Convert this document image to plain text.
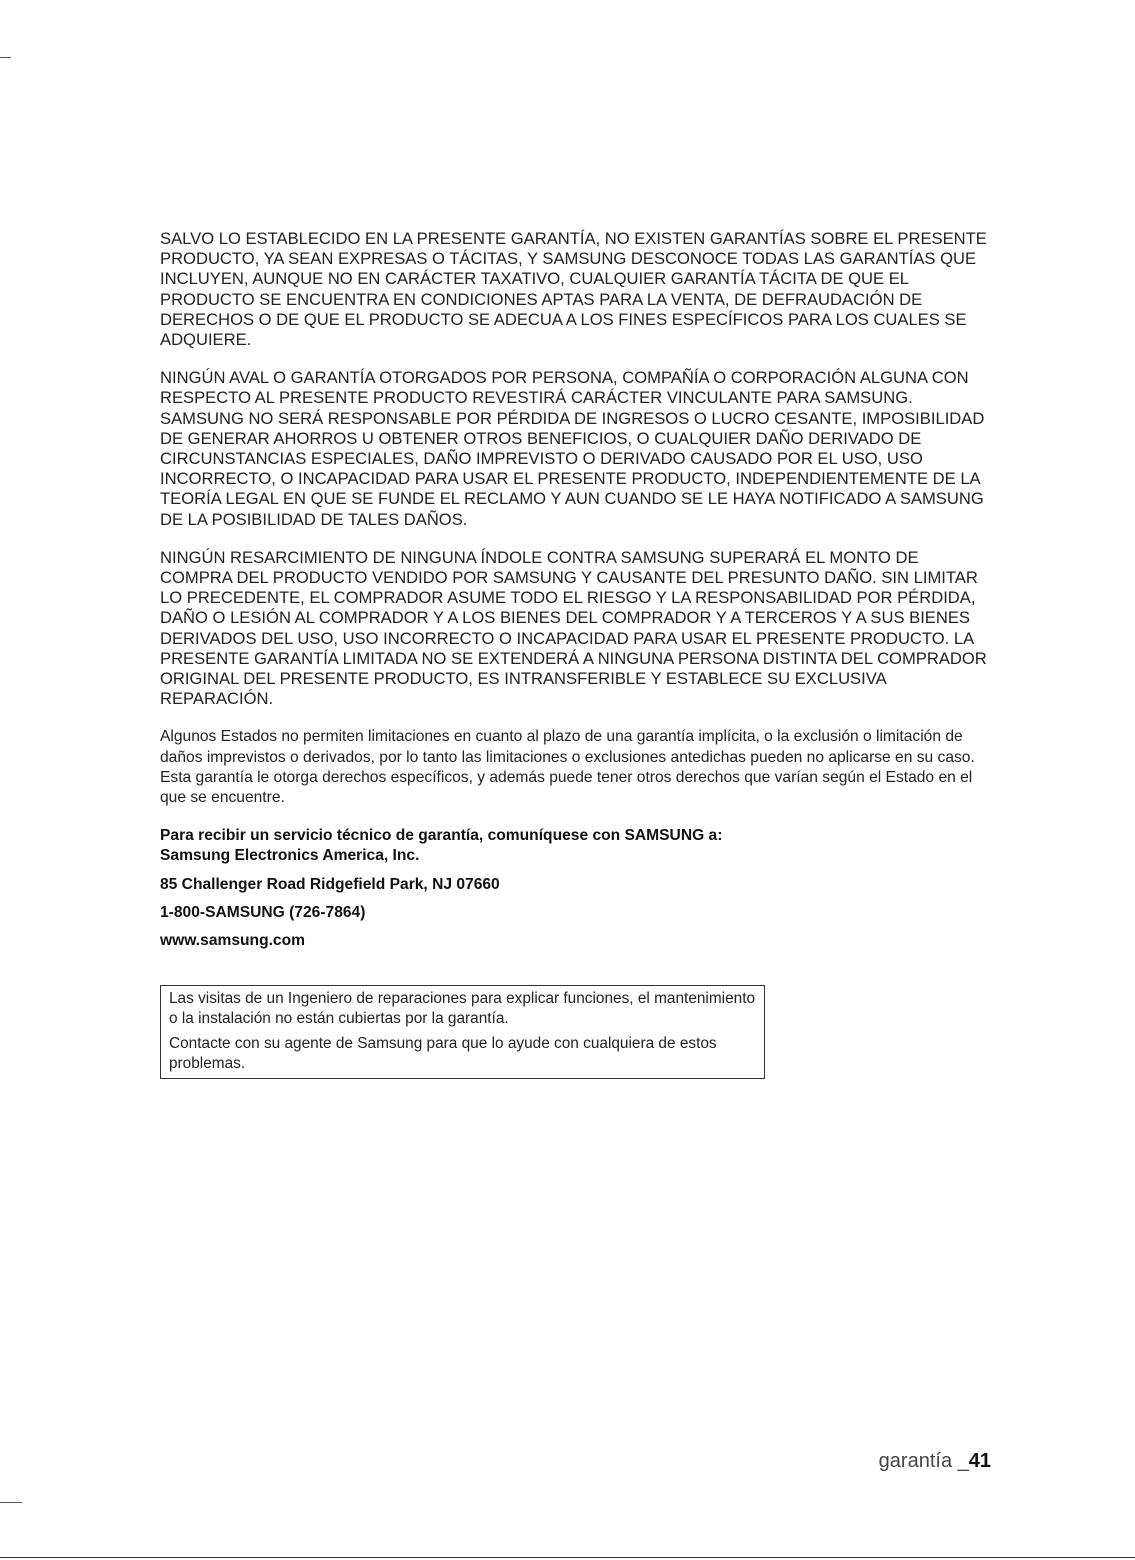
SALVO LO ESTABLECIDO EN LA PRESENTE GARANTÍA, NO EXISTEN GARANTÍAS SOBRE EL PRESENTE PRODUCTO, YA SEAN EXPRESAS O TÁCITAS, Y SAMSUNG DESCONOCE TODAS LAS GARANTÍAS QUE INCLUYEN, AUNQUE NO EN CARÁCTER TAXATIVO, CUALQUIER GARANTÍA TÁCITA DE QUE EL PRODUCTO SE ENCUENTRA EN CONDICIONES APTAS PARA LA VENTA, DE DEFRAUDACIÓN DE DERECHOS O DE QUE EL PRODUCTO SE ADECUA A LOS FINES ESPECÍFICOS PARA LOS CUALES SE ADQUIERE.

NINGÚN AVAL O GARANTÍA OTORGADOS POR PERSONA, COMPAÑÍA O CORPORACIÓN ALGUNA CON RESPECTO AL PRESENTE PRODUCTO REVESTIRÁ CARÁCTER VINCULANTE PARA SAMSUNG. SAMSUNG NO SERÁ RESPONSABLE POR PÉRDIDA DE INGRESOS O LUCRO CESANTE, IMPOSIBILIDAD DE GENERAR AHORROS U OBTENER OTROS BENEFICIOS, O CUALQUIER DAÑO DERIVADO DE CIRCUNSTANCIAS ESPECIALES, DAÑO IMPREVISTO O DERIVADO CAUSADO POR EL USO, USO INCORRECTO, O INCAPACIDAD PARA USAR EL PRESENTE PRODUCTO, INDEPENDIENTEMENTE DE LA TEORÍA LEGAL EN QUE SE FUNDE EL RECLAMO Y AUN CUANDO SE LE HAYA NOTIFICADO A SAMSUNG DE LA POSIBILIDAD DE TALES DAÑOS.

NINGÚN RESARCIMIENTO DE NINGUNA ÍNDOLE CONTRA SAMSUNG SUPERARÁ EL MONTO DE COMPRA DEL PRODUCTO VENDIDO POR SAMSUNG Y CAUSANTE DEL PRESUNTO DAÑO. SIN LIMITAR LO PRECEDENTE, EL COMPRADOR ASUME TODO EL RIESGO Y LA RESPONSABILIDAD POR PÉRDIDA, DAÑO O LESIÓN AL COMPRADOR Y A LOS BIENES DEL COMPRADOR Y A TERCEROS Y A SUS BIENES DERIVADOS DEL USO, USO INCORRECTO O INCAPACIDAD PARA USAR EL PRESENTE PRODUCTO. LA PRESENTE GARANTÍA LIMITADA NO SE EXTENDERÁ A NINGUNA PERSONA DISTINTA DEL COMPRADOR ORIGINAL DEL PRESENTE PRODUCTO, ES INTRANSFERIBLE Y ESTABLECE SU EXCLUSIVA REPARACIÓN.

Algunos Estados no permiten limitaciones en cuanto al plazo de una garantía implícita, o la exclusión o limitación de daños imprevistos o derivados, por lo tanto las limitaciones o exclusiones antedichas pueden no aplicarse en su caso. Esta garantía le otorga derechos específicos, y además puede tener otros derechos que varían según el Estado en el que se encuentre.

Para recibir un servicio técnico de garantía, comuníquese con SAMSUNG a:
Samsung Electronics America, Inc.
85 Challenger Road Ridgefield Park, NJ 07660
1-800-SAMSUNG (726-7864)
www.samsung.com

Las visitas de un Ingeniero de reparaciones para explicar funciones, el mantenimiento o la instalación no están cubiertas por la garantía.

Contacte con su agente de Samsung para que lo ayude con cualquiera de estos problemas.

garantía _41
